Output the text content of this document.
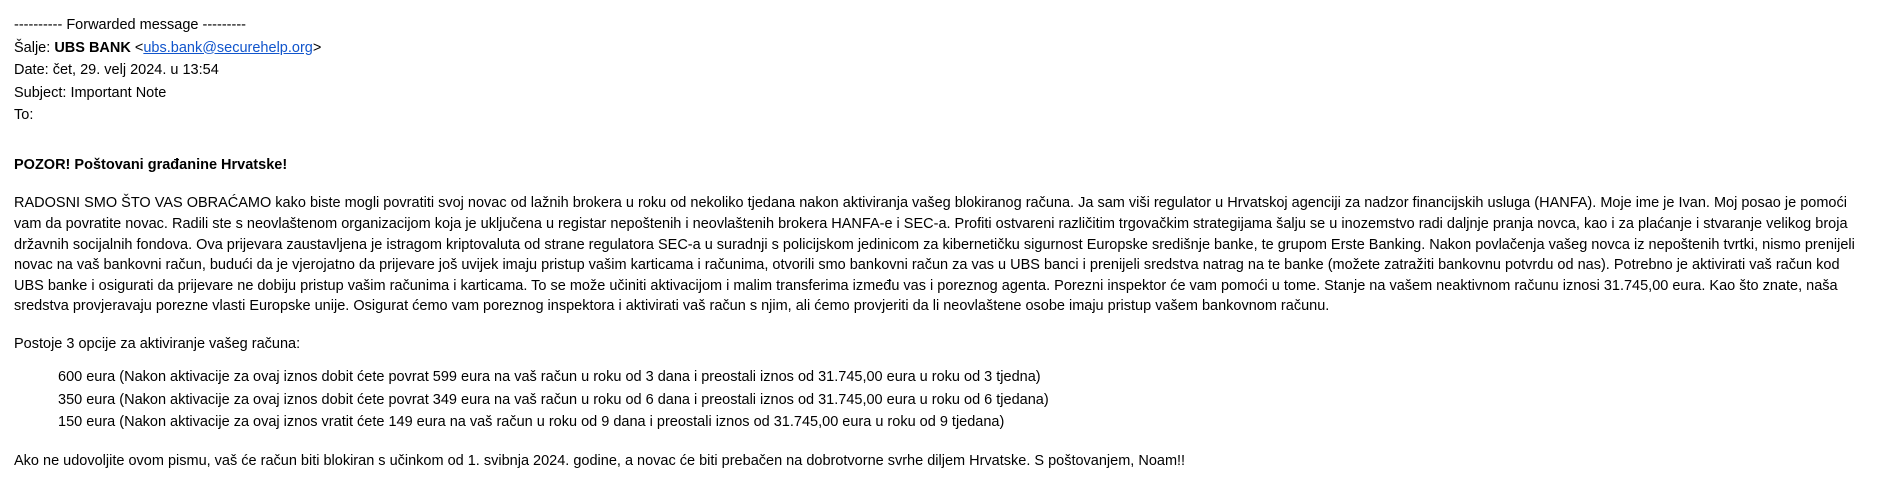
---------- Forwarded message ---------
Šalje: UBS BANK <ubs.bank@securehelp.org>
Date: čet, 29. velj 2024. u 13:54
Subject: Important Note
To:
POZOR! Poštovani građanine Hrvatske!
RADOSNI SMO ŠTO VAS OBRAĆAMO kako biste mogli povratiti svoj novac od lažnih brokera u roku od nekoliko tjedana nakon aktiviranja vašeg blokiranog računa. Ja sam viši regulator u Hrvatskoj agenciji za nadzor financijskih usluga (HANFA). Moje ime je Ivan. Moj posao je pomoći vam da povratite novac. Radili ste s neovlaštenom organizacijom koja je uključena u registar nepoštenih i neovlaštenih brokera HANFA-e i SEC-a. Profiti ostvareni različitim trgovačkim strategijama šalju se u inozemstvo radi daljnje pranja novca, kao i za plaćanje i stvaranje velikog broja državnih socijalnih fondova. Ova prijevara zaustavljena je istragom kriptovaluta od strane regulatora SEC-a u suradnji s policijskom jedinicom za kibernetičku sigurnost Europske središnje banke, te grupom Erste Banking. Nakon povlačenja vašeg novca iz nepoštenih tvrtki, nismo prenijeli novac na vaš bankovni račun, budući da je vjerojatno da prijevare još uvijek imaju pristup vašim karticama i računima, otvorili smo bankovni račun za vas u UBS banci i prenijeli sredstva natrag na te banke (možete zatražiti bankovnu potvrdu od nas). Potrebno je aktivirati vaš račun kod UBS banke i osigurati da prijevare ne dobiju pristup vašim računima i karticama. To se može učiniti aktivacijom i malim transferima između vas i poreznog agenta. Porezni inspektor će vam pomoći u tome. Stanje na vašem neaktivnom računu iznosi 31.745,00 eura. Kao što znate, naša sredstva provjeravaju porezne vlasti Europske unije. Osigurat ćemo vam poreznog inspektora i aktivirati vaš račun s njim, ali ćemo provjeriti da li neovlaštene osobe imaju pristup vašem bankovnom računu.
Postoje 3 opcije za aktiviranje vašeg računa:
600 eura (Nakon aktivacije za ovaj iznos dobit ćete povrat 599 eura na vaš račun u roku od 3 dana i preostali iznos od 31.745,00 eura u roku od 3 tjedna)
350 eura (Nakon aktivacije za ovaj iznos dobit ćete povrat 349 eura na vaš račun u roku od 6 dana i preostali iznos od 31.745,00 eura u roku od 6 tjedana)
150 eura (Nakon aktivacije za ovaj iznos vratit ćete 149 eura na vaš račun u roku od 9 dana i preostali iznos od 31.745,00 eura u roku od 9 tjedana)
Ako ne udovoljite ovom pismu, vaš će račun biti blokiran s učinkom od 1. svibnja 2024. godine, a novac će biti prebačen na dobrotvorne svrhe diljem Hrvatske. S poštovanjem, Noam!!
